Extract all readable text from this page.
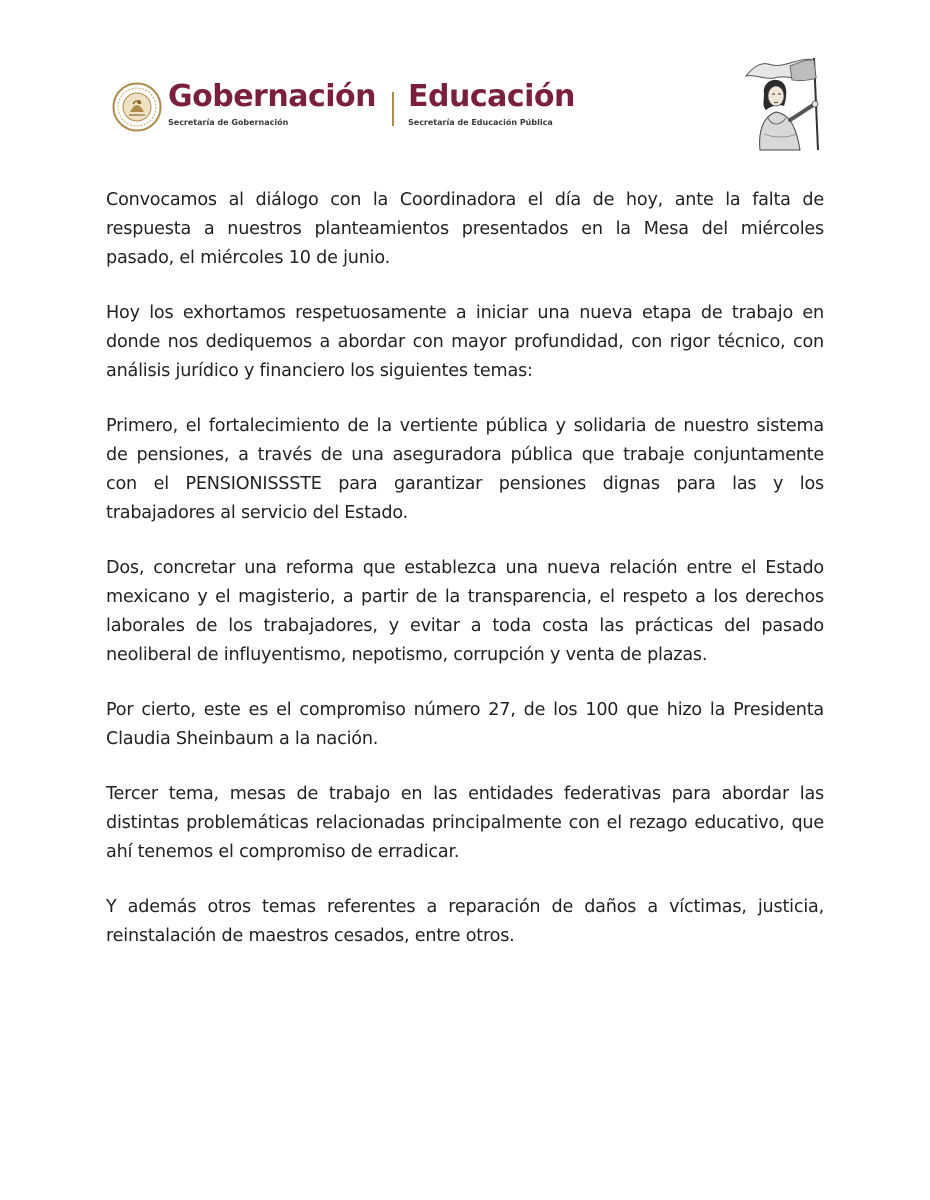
Gobernación
Secretaría de Gobernación
Educación
Secretaría de Educación Pública

Convocamos al diálogo con la Coordinadora el día de hoy, ante la falta de respuesta a nuestros planteamientos presentados en la Mesa del miércoles pasado, el miércoles 10 de junio.

Hoy los exhortamos respetuosamente a iniciar una nueva etapa de trabajo en donde nos dediquemos a abordar con mayor profundidad, con rigor técnico, con análisis jurídico y financiero los siguientes temas:

Primero, el fortalecimiento de la vertiente pública y solidaria de nuestro sistema de pensiones, a través de una aseguradora pública que trabaje conjuntamente con el PENSIONISSSTE para garantizar pensiones dignas para las y los trabajadores al servicio del Estado.

Dos, concretar una reforma que establezca una nueva relación entre el Estado mexicano y el magisterio, a partir de la transparencia, el respeto a los derechos laborales de los trabajadores, y evitar a toda costa las prácticas del pasado neoliberal de influyentismo, nepotismo, corrupción y venta de plazas.

Por cierto, este es el compromiso número 27, de los 100 que hizo la Presidenta Claudia Sheinbaum a la nación.

Tercer tema, mesas de trabajo en las entidades federativas para abordar las distintas problemáticas relacionadas principalmente con el rezago educativo, que ahí tenemos el compromiso de erradicar.

Y además otros temas referentes a reparación de daños a víctimas, justicia, reinstalación de maestros cesados, entre otros.
